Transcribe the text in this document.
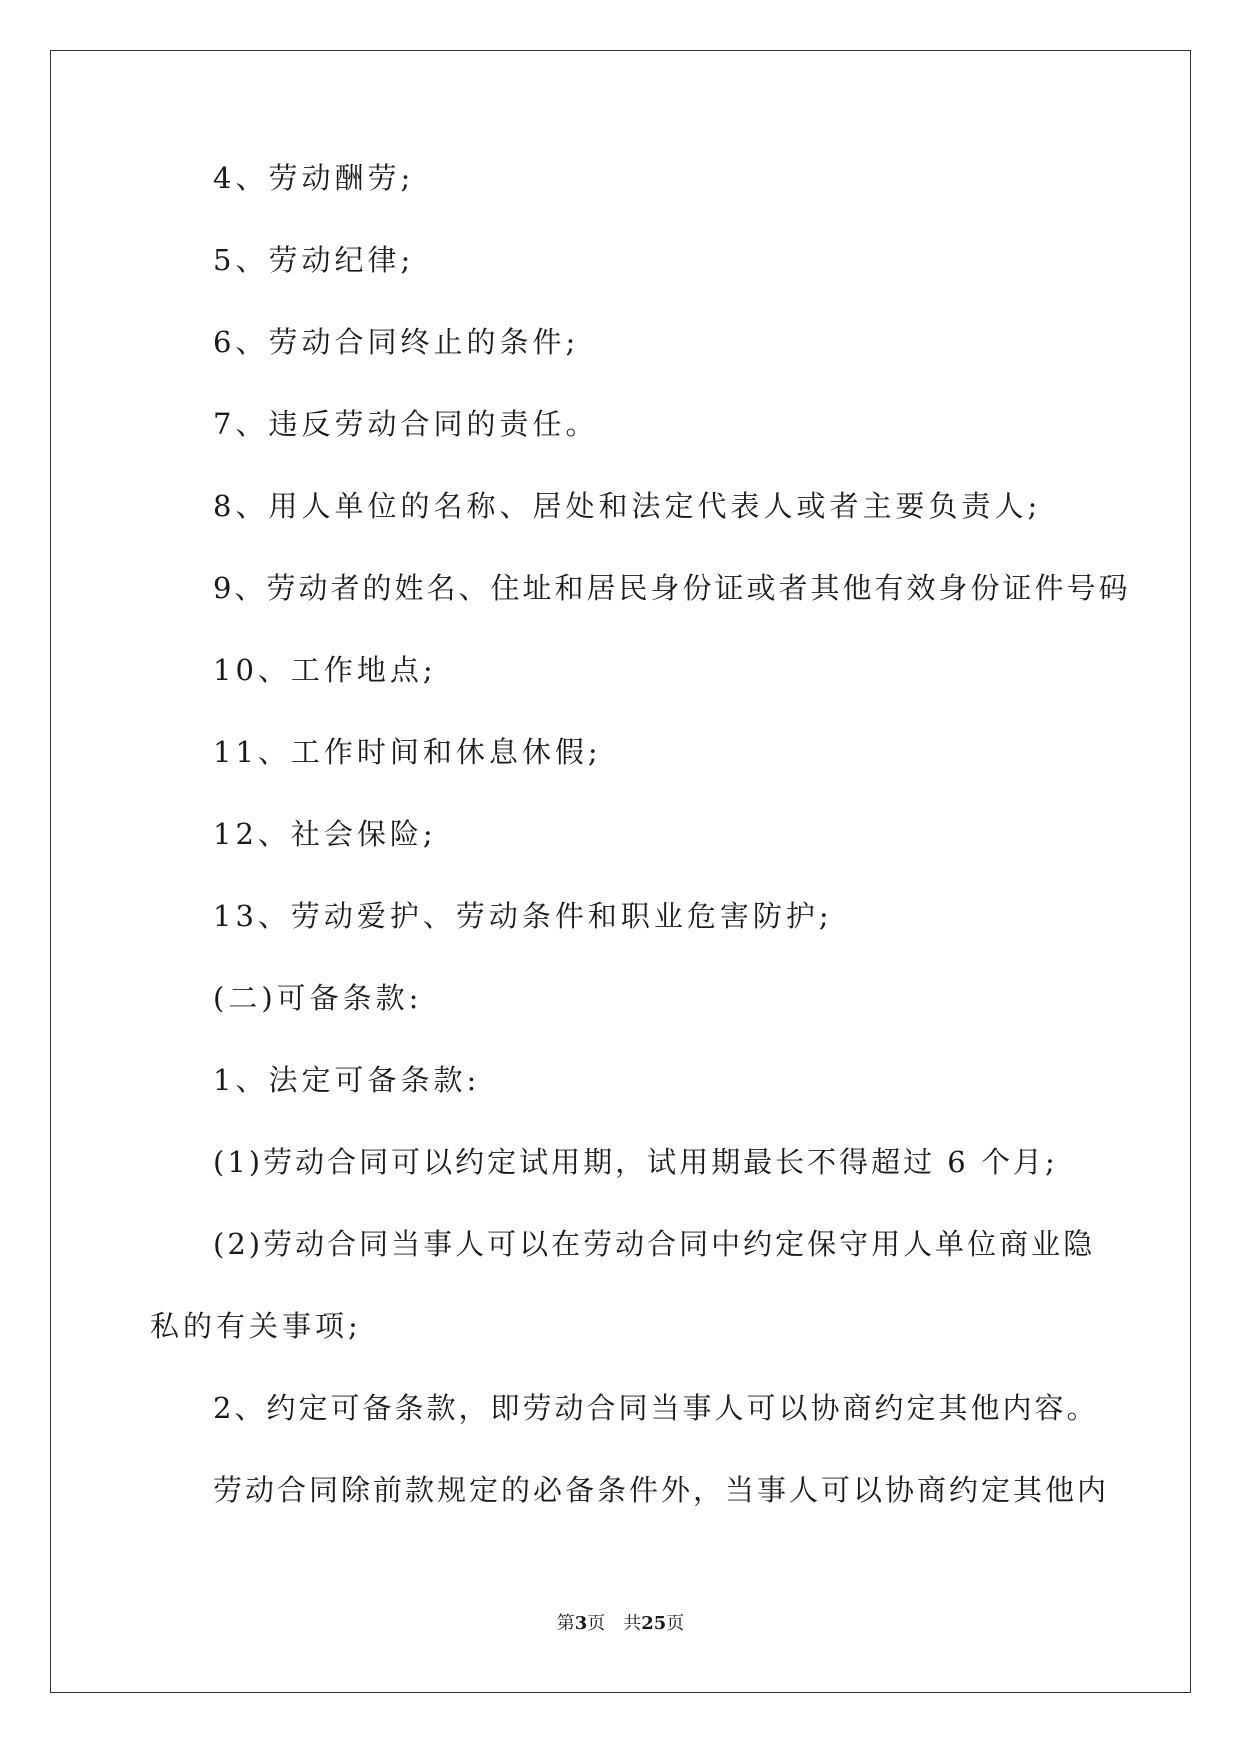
4、劳动酬劳;
5、劳动纪律;
6、劳动合同终止的条件;
7、违反劳动合同的责任。
8、用人单位的名称、居处和法定代表人或者主要负责人;
9、劳动者的姓名、住址和居民身份证或者其他有效身份证件号码
10、工作地点;
11、工作时间和休息休假;
12、社会保险;
13、劳动爱护、劳动条件和职业危害防护;
(二)可备条款:
1、法定可备条款:
(1)劳动合同可以约定试用期，试用期最长不得超过 6 个月;
(2)劳动合同当事人可以在劳动合同中约定保守用人单位商业隐
私的有关事项;
2、约定可备条款，即劳动合同当事人可以协商约定其他内容。
劳动合同除前款规定的必备条件外，当事人可以协商约定其他内
第3页 共25页
